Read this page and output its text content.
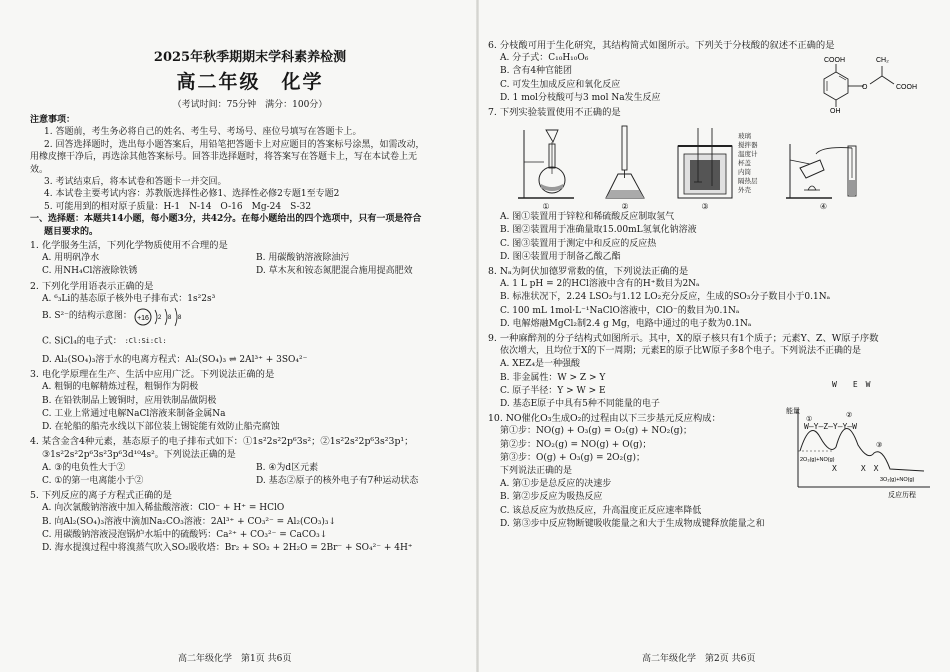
2025年秋季期期末学科素养检测
高二年级　化学
（考试时间：75分钟　满分：100分）
注意事项：
1. 答题前，考生务必将自己的姓名、考生号、考场号、座位号填写在答题卡上。
2. 回答选择题时，选出每小题答案后，用铅笔把答题卡上对应题目的答案标号涂黑，如需改动，
用橡皮擦干净后，再选涂其他答案标号。回答非选择题时，将答案写在答题卡上，写在本试卷上无
效。
3. 考试结束后，将本试卷和答题卡一并交回。
4. 本试卷主要考试内容：苏教版选择性必修1、选择性必修2专题1至专题2
5. 可能用到的相对原子质量：H-1　N-14　O-16　Mg-24　S-32
一、选择题：本题共14小题，每小题3分，共42分。在每小题给出的四个选项中，只有一项是符合
题目要求的。
1. 化学服务生活，下列化学物质使用不合理的是
A. 用明矾净水	B. 用碳酸钠溶液除油污
C. 用NH₄Cl溶液除铁锈	D. 草木灰和铵态氮肥混合施用提高肥效
2. 下列化学用语表示正确的是
A. ⁶₃Li的基态原子核外电子排布式：1s²2s³
B. S²⁻的结构示意图： +16 2 8 8
C. SiCl₄的电子式： :Cl:Si:Cl:
D. Al₂(SO₄)₃溶于水的电离方程式：Al₂(SO₄)₃ ⇌ 2Al³⁺ + 3SO₄²⁻
3. 电化学原理在生产、生活中应用广泛。下列说法正确的是
A. 粗铜的电解精炼过程，粗铜作为阴极
B. 在铅铁制品上镀铜时，应用铁制品做阴极
C. 工业上常通过电解NaCl溶液来制备金属Na
D. 在轮船的船壳水线以下部位装上锡锭能有效防止船壳腐蚀
4. 某含金含4种元素，基态原子的电子排布式如下：①1s²2s²2p⁶3s²；②1s²2s²2p⁶3s²3p¹；
③1s²2s²2p⁶3s²3p⁶3d¹⁰4s²。下列说法正确的是
A. ③的电负性大于②	B. ④为d区元素
C. ①的第一电离能小于②	D. 基态②原子的核外电子有7种运动状态
5. 下列反应的离子方程式正确的是
A. 向次氯酸钠溶液中加入稀盐酸溶液：ClO⁻ + H⁺ = HClO
B. 向Al₂(SO₄)₃溶液中滴加Na₂CO₃溶液：2Al³⁺ + CO₃²⁻ = Al₂(CO₃)₃↓
C. 用碳酸钠溶液浸泡锅炉水垢中的硫酸钙：Ca²⁺ + CO₃²⁻ = CaCO₃↓
D. 海水提溴过程中将溴蒸气吹入SO₂吸收塔：Br₂ + SO₂ + 2H₂O = 2Br⁻ + SO₄²⁻ + 4H⁺
高二年级化学　第1页 共6页
6. 分枝酸可用于生化研究，其结构简式如图所示。下列关于分枝酸的叙述不正确的是
A. 分子式：C₁₀H₁₀O₆
B. 含有4种官能团
C. 可发生加成反应和氧化反应
D. 1 mol分枝酸可与3 mol Na发生反应
COOH
OH
O
CH₂
COOH
7. 下列实验装置使用不正确的是
①	②	③
玻璃
搅拌器
温度计
杯盖
内筒
隔热层
外壳
④
A. 图①装置用于锌粒和稀硫酸反应制取氢气
B. 图②装置用于准确量取15.00mL氢氧化钠溶液
C. 图③装置用于测定中和反应的反应热
D. 图④装置用于制备乙酸乙酯
8. Nₐ为阿伏加德罗常数的值，下列说法正确的是
A. 1 L pH = 2的HCl溶液中含有的H⁺数目为2Nₐ
B. 标准状况下，2.24 LSO₂与1.12 LO₂充分反应，生成的SO₃分子数目小于0.1Nₐ
C. 100 mL 1mol·L⁻¹NaClO溶液中，ClO⁻的数目为0.1Nₐ
D. 电解熔融MgCl₂制2.4 g Mg，电路中通过的电子数为0.1Nₐ
9. 一种麻醉剂的分子结构式如图所示。其中，X的原子核只有1个质子；元素Y、Z、W原子序数
依次增大，且均位于X的下一周期；元素E的原子比W原子多8个电子。下列说法不正确的是
A. XEZ₄是一种强酸
B. 非金属性：W > Z > Y
C. 原子半径：Y > W > E
D. 基态E原子中具有5种不同能量的电子

W　　E　W

W—Y—Z—Y—Y—W

X　　　X　X

10. NO催化O₃生成O₂的过程由以下三步基元反应构成：
第①步：NO(g) + O₃(g) = O₂(g) + NO₂(g)；
第②步：NO₂(g) = NO(g) + O(g)；
第③步：O(g) + O₃(g) = 2O₂(g)；
下列说法正确的是
A. 第①步是总反应的决速步
B. 第②步反应为吸热反应
C. 该总反应为放热反应，升高温度正反应速率降低
D. 第③步中反应物断键吸收能量之和大于生成物成键释放能量之和
能量
反应历程
①
②
③
2O₃(g)+NO(g)
3O₂(g)+NO(g)
高二年级化学　第2页 共6页
